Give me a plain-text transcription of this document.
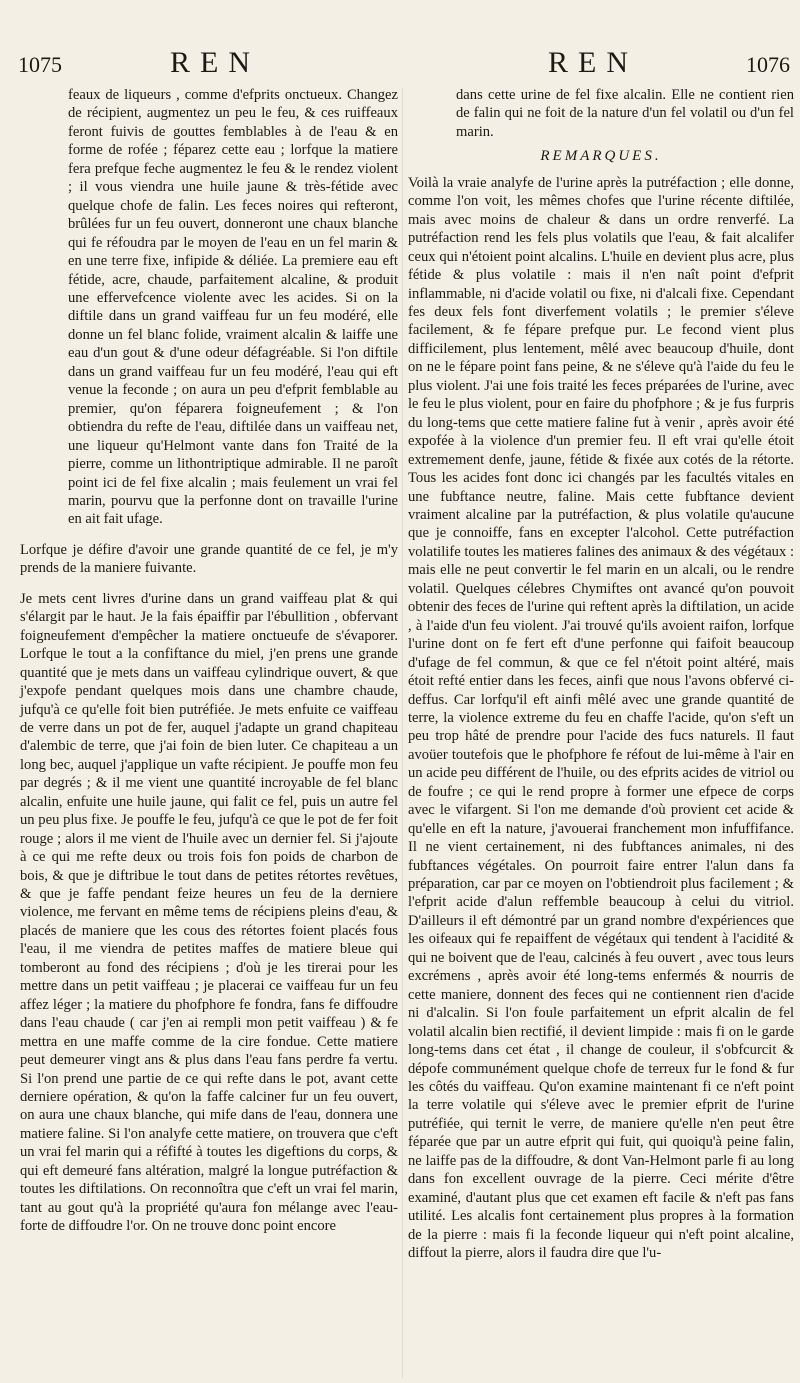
1075	REN	REN	1076

feaux de liqueurs , comme d'efprits onctueux. Changez de récipient, augmentez un peu le feu, & ces ruiffeaux feront fuivis de gouttes femblables à de l'eau & en forme de rofée ; féparez cette eau ; lorfque la matiere fera prefque feche augmentez le feu & le rendez violent ; il vous viendra une huile jaune & très-fétide avec quelque chofe de falin. Les feces noires qui refteront, brûlées fur un feu ouvert, donneront une chaux blanche qui fe réfoudra par le moyen de l'eau en un fel marin & en une terre fixe, infipide & déliée. La premiere eau eft fétide, acre, chaude, parfaitement alcaline, & produit une effervefcence violente avec les acides. Si on la diftile dans un grand vaiffeau fur un feu modéré, elle donne un fel blanc folide, vraiment alcalin & laiffe une eau d'un gout & d'une odeur défagréable. Si l'on diftile dans un grand vaiffeau fur un feu modéré, l'eau qui eft venue la feconde ; on aura un peu d'efprit femblable au premier, qu'on féparera foigneufement ; & l'on obtiendra du refte de l'eau, diftilée dans un vaiffeau net, une liqueur qu'Helmont vante dans fon Traité de la pierre, comme un lithontriptique admirable. Il ne paroît point ici de fel fixe alcalin ; mais feulement un vrai fel marin, pourvu que la perfonne dont on travaille l'urine en ait fait ufage.

Lorfque je défire d'avoir une grande quantité de ce fel, je m'y prends de la maniere fuivante.

Je mets cent livres d'urine dans un grand vaiffeau plat & qui s'élargit par le haut. Je la fais épaiffir par l'ébullition , obfervant foigneufement d'empêcher la matiere onctueufe de s'évaporer. Lorfque le tout a la confiftance du miel, j'en prens une grande quantité que je mets dans un vaiffeau cylindrique ouvert, & que j'expofe pendant quelques mois dans une chambre chaude, jufqu'à ce qu'elle foit bien putréfiée. Je mets enfuite ce vaiffeau de verre dans un pot de fer, auquel j'adapte un grand chapiteau d'alembic de terre, que j'ai foin de bien luter. Ce chapiteau a un long bec, auquel j'applique un vafte récipient. Je pouffe mon feu par degrés ; & il me vient une quantité incroyable de fel blanc alcalin, enfuite une huile jaune, qui falit ce fel, puis un autre fel un peu plus fixe. Je pouffe le feu, jufqu'à ce que le pot de fer foit rouge ; alors il me vient de l'huile avec un dernier fel. Si j'ajoute à ce qui me refte deux ou trois fois fon poids de charbon de bois, & que je diftribue le tout dans de petites rétortes revêtues, & que je faffe pendant feize heures un feu de la derniere violence, me fervant en même tems de récipiens pleins d'eau, & placés de maniere que les cous des rétortes foient placés fous l'eau, il me viendra de petites maffes de matiere bleue qui tomberont au fond des récipiens ; d'où je les tirerai pour les mettre dans un petit vaiffeau ; je placerai ce vaiffeau fur un feu affez léger ; la matiere du phofphore fe fondra, fans fe diffoudre dans l'eau chaude ( car j'en ai rempli mon petit vaiffeau ) & fe mettra en une maffe comme de la cire fondue. Cette matiere peut demeurer vingt ans & plus dans l'eau fans perdre fa vertu. Si l'on prend une partie de ce qui refte dans le pot, avant cette derniere opération, & qu'on la faffe calciner fur un feu ouvert, on aura une chaux blanche, qui mife dans de l'eau, donnera une matiere faline. Si l'on analyfe cette matiere, on trouvera que c'eft un vrai fel marin qui a réfifté à toutes les digeftions du corps, & qui eft demeuré fans altération, malgré la longue putréfaction & toutes les diftilations. On reconnoîtra que c'eft un vrai fel marin, tant au gout qu'à la propriété qu'aura fon mélange avec l'eau-forte de diffoudre l'or. On ne trouve donc point encore

dans cette urine de fel fixe alcalin. Elle ne contient rien de falin qui ne foit de la nature d'un fel volatil ou d'un fel marin.

REMARQUES.

Voilà la vraie analyfe de l'urine après la putréfaction ; elle donne, comme l'on voit, les mêmes chofes que l'urine récente diftilée, mais avec moins de chaleur & dans un ordre renverfé. La putréfaction rend les fels plus volatils que l'eau, & fait alcalifer ceux qui n'étoient point alcalins. L'huile en devient plus acre, plus fétide & plus volatile : mais il n'en naît point d'efprit inflammable, ni d'acide volatil ou fixe, ni d'alcali fixe. Cependant fes deux fels font diverfement volatils ; le premier s'éleve facilement, & fe fépare prefque pur. Le fecond vient plus difficilement, plus lentement, mêlé avec beaucoup d'huile, dont on ne le fépare point fans peine, & ne s'éleve qu'à l'aide du feu le plus violent. J'ai une fois traité les feces préparées de l'urine, avec le feu le plus violent, pour en faire du phofphore ; & je fus furpris du long-tems que cette matiere faline fut à venir , après avoir été expofée à la violence d'un premier feu. Il eft vrai qu'elle étoit extremement denfe, jaune, fétide & fixée aux cotés de la rétorte. Tous les acides font donc ici changés par les facultés vitales en une fubftance neutre, faline. Mais cette fubftance devient vraiment alcaline par la putréfaction, & plus volatile qu'aucune que je connoiffe, fans en excepter l'alcohol. Cette putréfaction volatilife toutes les matieres falines des animaux & des végétaux : mais elle ne peut convertir le fel marin en un alcali, ou le rendre volatil. Quelques célebres Chymiftes ont avancé qu'on pouvoit obtenir des feces de l'urine qui reftent après la diftilation, un acide , à l'aide d'un feu violent. J'ai trouvé qu'ils avoient raifon, lorfque l'urine dont on fe fert eft d'une perfonne qui faifoit beaucoup d'ufage de fel commun, & que ce fel n'étoit point altéré, mais étoit refté entier dans les feces, ainfi que nous l'avons obfervé ci-deffus. Car lorfqu'il eft ainfi mêlé avec une grande quantité de terre, la violence extreme du feu en chaffe l'acide, qu'on s'eft un peu trop hâté de prendre pour l'acide des fucs naturels. Il faut avoüer toutefois que le phofphore fe réfout de lui-même à l'air en un acide peu différent de l'huile, ou des efprits acides de vitriol ou de foufre ; ce qui le rend propre à former une efpece de corps avec le vifargent. Si l'on me demande d'où provient cet acide & qu'elle en eft la nature, j'avouerai franchement mon infuffifance. Il ne vient certainement, ni des fubftances animales, ni des fubftances végétales. On pourroit faire entrer l'alun dans fa préparation, car par ce moyen on l'obtiendroit plus facilement ; & l'efprit acide d'alun reffemble beaucoup à celui du vitriol. D'ailleurs il eft démontré par un grand nombre d'expériences que les oifeaux qui fe repaiffent de végétaux qui tendent à l'acidité & qui ne boivent que de l'eau, calcinés à feu ouvert , avec tous leurs excrémens , après avoir été long-tems enfermés & nourris de cette maniere, donnent des feces qui ne contiennent rien d'acide ni d'alcalin. Si l'on foule parfaitement un efprit alcalin de fel volatil alcalin bien rectifié, il devient limpide : mais fi on le garde long-tems dans cet état , il change de couleur, il s'obfcurcit & dépofe communément quelque chofe de terreux fur le fond & fur les côtés du vaiffeau. Qu'on examine maintenant fi ce n'eft point la terre volatile qui s'éleve avec le premier efprit de l'urine putréfiée, qui ternit le verre, de maniere qu'elle n'en peut être féparée que par un autre efprit qui fuit, qui quoiqu'à peine falin, ne laiffe pas de la diffoudre, & dont Van-Helmont parle fi au long dans fon excellent ouvrage de la pierre. Ceci mérite d'être examiné, d'autant plus que cet examen eft facile & n'eft pas fans utilité. Les alcalis font certainement plus propres à la formation de la pierre : mais fi la feconde liqueur qui n'eft point alcaline, diffout la pierre, alors il faudra dire que l'u-
